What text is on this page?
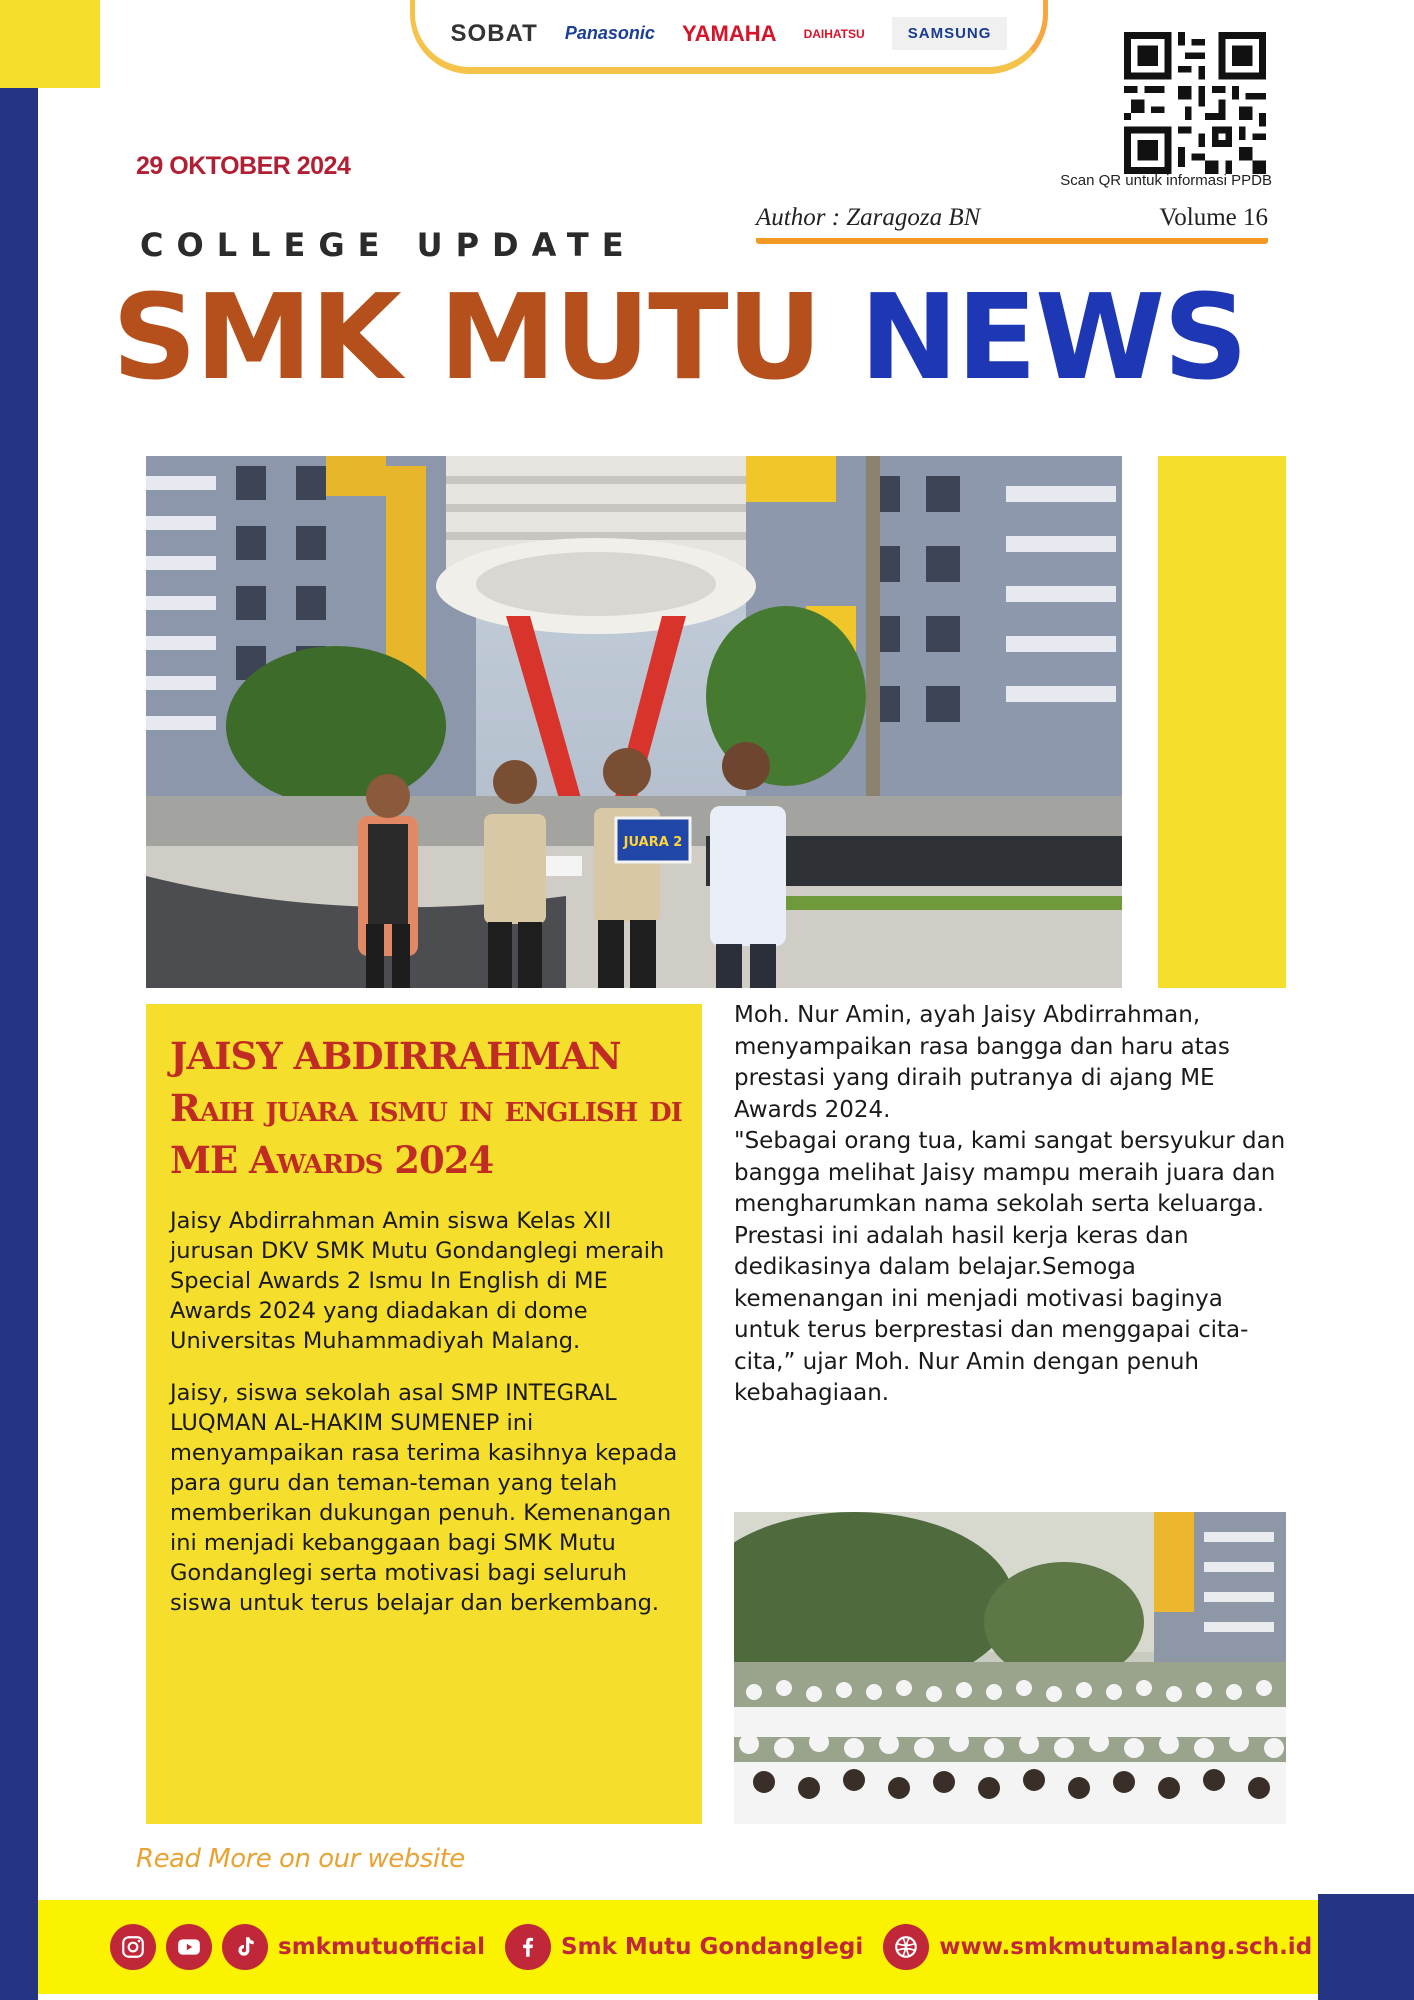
SOBAT Panasonic YAMAHA DAIHATSU	SAMSUNG
Scan QR untuk informasi PPDB
29 OKTOBER 2024
Author : Zaragoza BN	Volume 16
COLLEGE UPDATE
SMK MUTU NEWS
JUARA 2
JAISY ABDIRRAHMAN Raih juara ismu in english di ME Awards 2024

Jaisy Abdirrahman Amin siswa Kelas XII jurusan DKV SMK Mutu Gondanglegi meraih Special Awards 2 Ismu In English di ME Awards 2024 yang diadakan di dome Universitas Muhammadiyah Malang.

Jaisy, siswa sekolah asal SMP INTEGRAL LUQMAN AL-HAKIM SUMENEP ini menyampaikan rasa terima kasihnya kepada para guru dan teman-teman yang telah memberikan dukungan penuh. Kemenangan ini menjadi kebanggaan bagi SMK Mutu Gondanglegi serta motivasi bagi seluruh siswa untuk terus belajar dan berkembang.

Moh. Nur Amin, ayah Jaisy Abdirrahman, menyampaikan rasa bangga dan haru atas
prestasi yang diraih putranya di ajang ME Awards 2024.
"Sebagai orang tua, kami sangat bersyukur dan bangga melihat Jaisy mampu meraih juara dan mengharumkan nama sekolah serta keluarga. Prestasi ini adalah hasil kerja keras dan dedikasinya dalam belajar.Semoga kemenangan ini menjadi motivasi baginya untuk terus berprestasi dan menggapai cita-cita,” ujar Moh. Nur Amin dengan penuh kebahagiaan.

Read More on our website
smkmutuofficial	Smk Mutu Gondanglegi	www.smkmutumalang.sch.id
